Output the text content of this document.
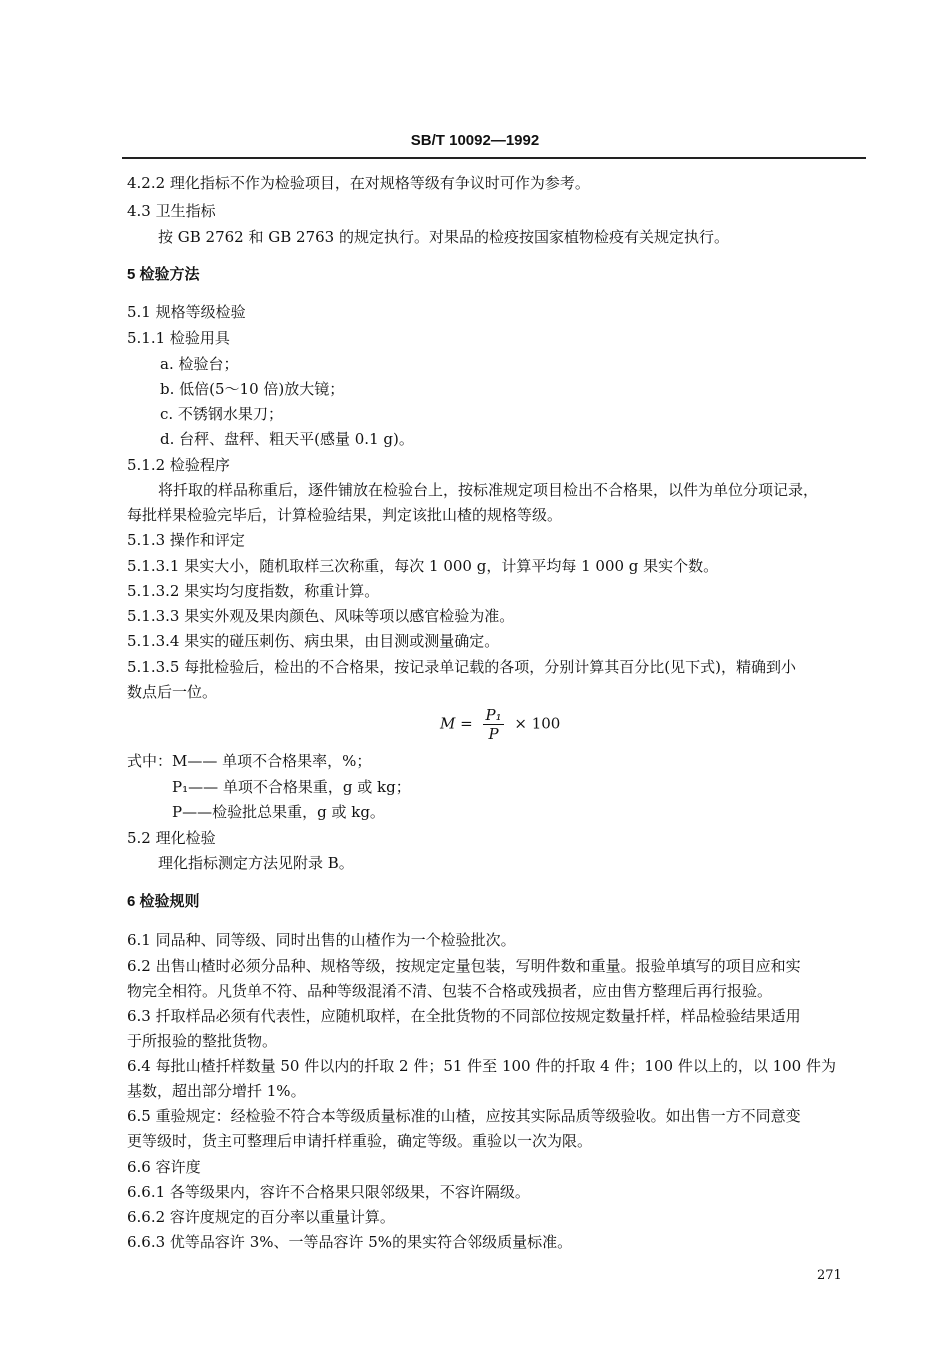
SB/T 10092—1992
4.2.2 理化指标不作为检验项目，在对规格等级有争议时可作为参考。
4.3 卫生指标
按 GB 2762 和 GB 2763 的规定执行。对果品的检疫按国家植物检疫有关规定执行。
5 检验方法
5.1 规格等级检验
5.1.1 检验用具
a. 检验台；
b. 低倍(5～10 倍)放大镜；
c. 不锈钢水果刀；
d. 台秤、盘秤、粗天平(感量 0.1 g)。
5.1.2 检验程序
将扦取的样品称重后，逐件铺放在检验台上，按标准规定项目检出不合格果，以件为单位分项记录，
每批样果检验完毕后，计算检验结果，判定该批山楂的规格等级。
5.1.3 操作和评定
5.1.3.1 果实大小，随机取样三次称重，每次 1 000 g，计算平均每 1 000 g 果实个数。
5.1.3.2 果实均匀度指数，称重计算。
5.1.3.3 果实外观及果肉颜色、风味等项以感官检验为准。
5.1.3.4 果实的碰压刺伤、病虫果，由目测或测量确定。
5.1.3.5 每批检验后，检出的不合格果，按记录单记载的各项，分别计算其百分比(见下式)，精确到小
数点后一位。
$M = \frac{\text{P₁}}{P} \times 100$
式中：M—— 单项不合格果率，%；
P₁—— 单项不合格果重，g 或 kg；
P——检验批总果重，g 或 kg。
5.2 理化检验
理化指标测定方法见附录 B。
6 检验规则
6.1 同品种、同等级、同时出售的山楂作为一个检验批次。
6.2 出售山楂时必须分品种、规格等级，按规定定量包装，写明件数和重量。报验单填写的项目应和实
物完全相符。凡货单不符、品种等级混淆不清、包装不合格或残损者，应由售方整理后再行报验。
6.3 扦取样品必须有代表性，应随机取样，在全批货物的不同部位按规定数量扦样，样品检验结果适用
于所报验的整批货物。
6.4 每批山楂扦样数量 50 件以内的扦取 2 件；51 件至 100 件的扦取 4 件；100 件以上的，以 100 件为
基数，超出部分增扦 1%。
6.5 重验规定：经检验不符合本等级质量标准的山楂，应按其实际品质等级验收。如出售一方不同意变
更等级时，货主可整理后申请扦样重验，确定等级。重验以一次为限。
6.6 容许度
6.6.1 各等级果内，容许不合格果只限邻级果，不容许隔级。
6.6.2 容许度规定的百分率以重量计算。
6.6.3 优等品容许 3%、一等品容许 5%的果实符合邻级质量标准。
271
